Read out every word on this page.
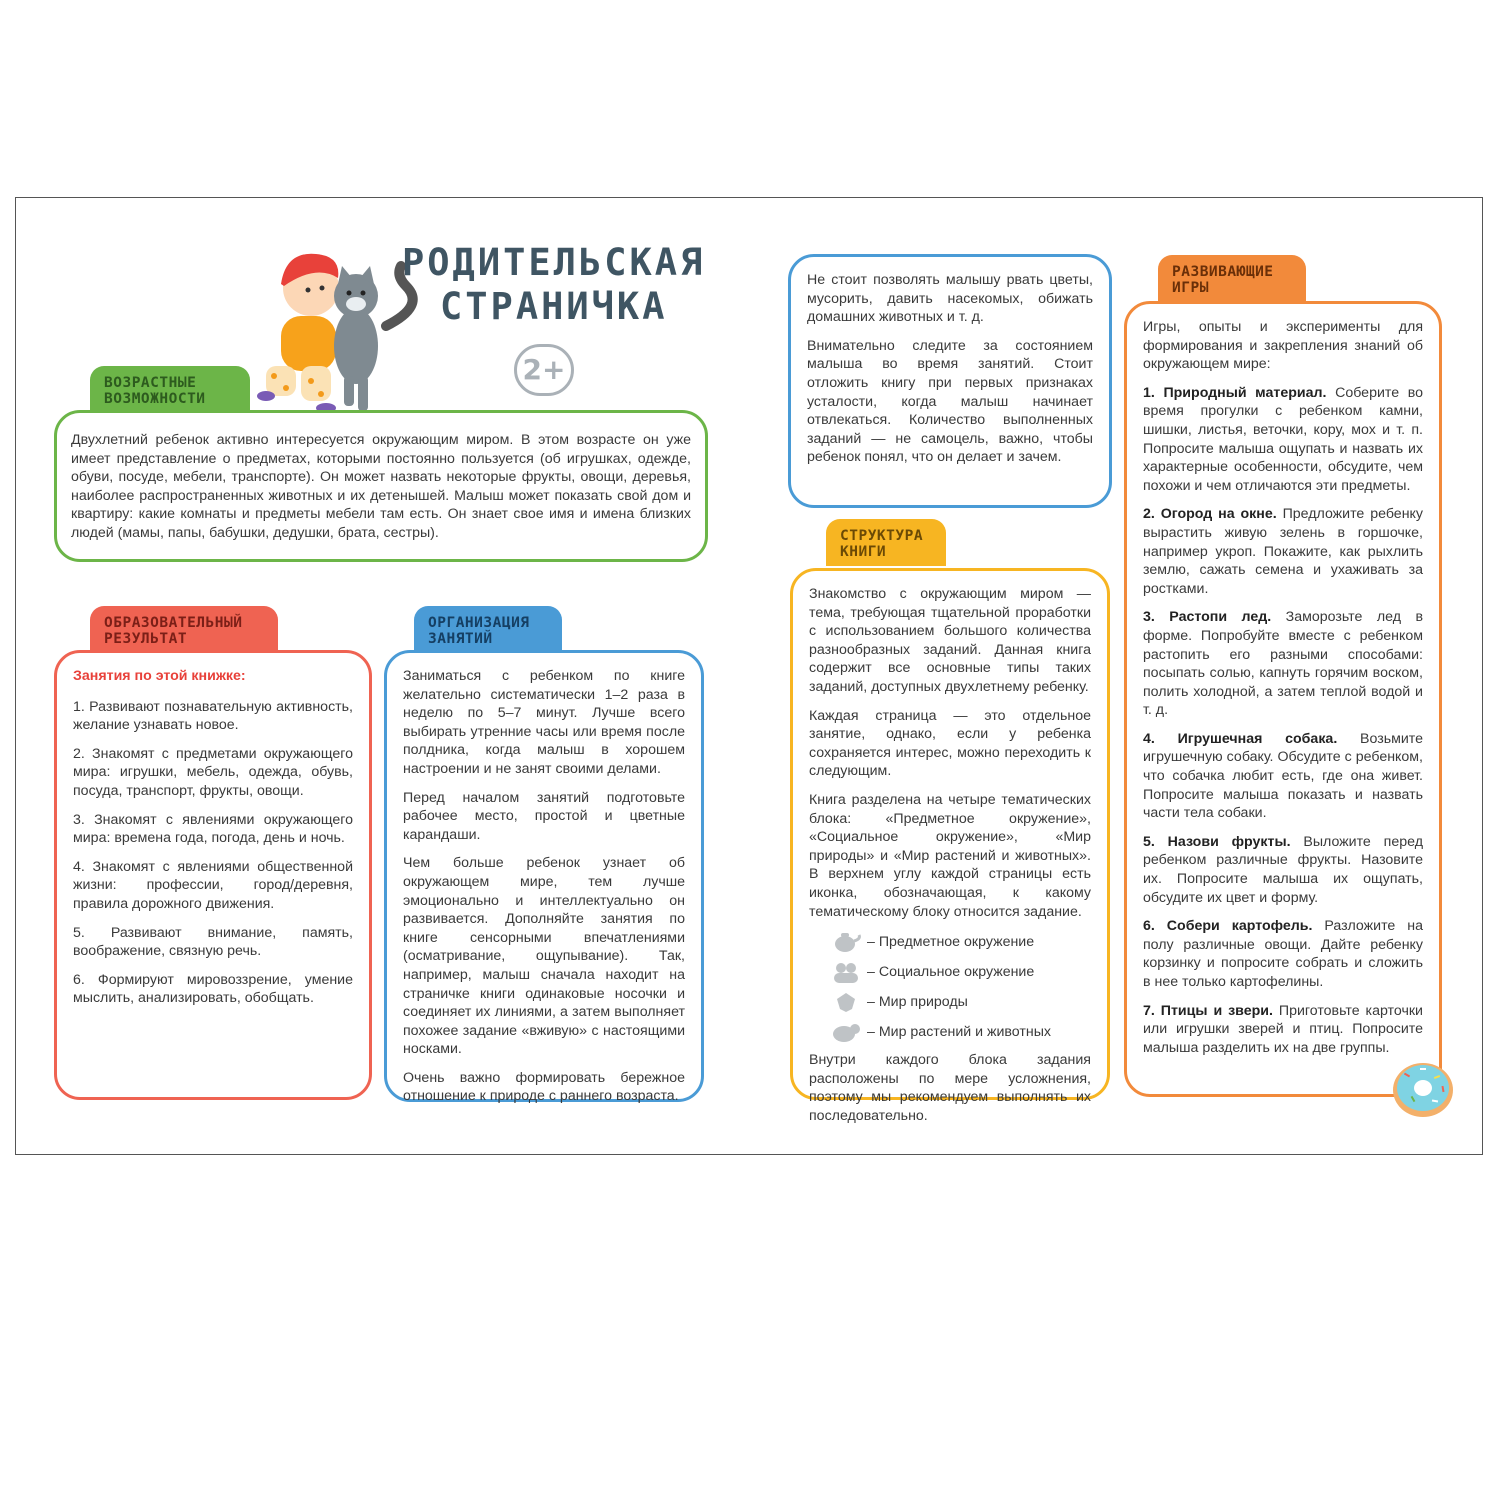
РОДИТЕЛЬСКАЯ
СТРАНИЧКА
2+
ВОЗРАСТНЫЕ ВОЗМОЖНОСТИ

Двухлетний ребенок активно интересуется окружающим миром. В этом возрасте он уже имеет представление о предметах, которыми постоянно пользуется (об игрушках, одежде, обуви, посуде, мебели, транспорте). Он может назвать некоторые фрукты, овощи, деревья, наиболее распространенных животных и их детенышей. Малыш может показать свой дом и квартиру: какие комнаты и предметы мебели там есть. Он знает свое имя и имена близких людей (мамы, папы, бабушки, дедушки, брата, сестры).

ОБРАЗОВАТЕЛЬНЫЙ РЕЗУЛЬТАТ

Занятия по этой книжке:

1. Развивают познавательную активность, желание узнавать новое.

2. Знакомят с предметами окружающего мира: игрушки, мебель, одежда, обувь, посуда, транспорт, фрукты, овощи.

3. Знакомят с явлениями окружающего мира: времена года, погода, день и ночь.

4. Знакомят с явлениями общественной жизни: профессии, город/деревня, правила дорожного движения.

5. Развивают внимание, память, воображение, связную речь.

6. Формируют мировоззрение, умение мыслить, анализировать, обобщать.

ОРГАНИЗАЦИЯ ЗАНЯТИЙ

Заниматься с ребенком по книге желательно систематически 1–2 раза в неделю по 5–7 минут. Лучше всего выбирать утренние часы или время после полдника, когда малыш в хорошем настроении и не занят своими делами.

Перед началом занятий подготовьте рабочее место, простой и цветные карандаши.

Чем больше ребенок узнает об окружающем мире, тем лучше эмоционально и интеллектуально он развивается. Дополняйте занятия по книге сенсорными впечатлениями (осматривание, ощупывание). Так, например, малыш сначала находит на страничке книги одинаковые носочки и соединяет их линиями, а затем выполняет похожее задание «вживую» с настоящими носками.

Очень важно формировать бережное отношение к природе с раннего возраста.

Не стоит позволять малышу рвать цветы, мусорить, давить насекомых, обижать домашних животных и т. д.

Внимательно следите за состоянием малыша во время занятий. Стоит отложить книгу при первых признаках усталости, когда малыш начинает отвлекаться. Количество выполненных заданий — не самоцель, важно, чтобы ребенок понял, что он делает и зачем.

СТРУКТУРА КНИГИ

Знакомство с окружающим миром — тема, требующая тщательной проработки с использованием большого количества разнообразных заданий. Данная книга содержит все основные типы таких заданий, доступных двухлетнему ребенку.

Каждая страница — это отдельное занятие, однако, если у ребенка сохраняется интерес, можно переходить к следующим.

Книга разделена на четыре тематических блока: «Предметное окружение», «Социальное окружение», «Мир природы» и «Мир растений и животных». В верхнем углу каждой страницы есть иконка, обозначающая, к какому тематическому блоку относится задание.

– Предметное окружение
– Социальное окружение
– Мир природы
– Мир растений и животных

Внутри каждого блока задания расположены по мере усложнения, поэтому мы рекомендуем выполнять их последовательно.

РАЗВИВАЮЩИЕ ИГРЫ

Игры, опыты и эксперименты для формирования и закрепления знаний об окружающем мире:

1. Природный материал. Соберите во время прогулки с ребенком камни, шишки, листья, веточки, кору, мох и т. п. Попросите малыша ощупать и назвать их характерные особенности, обсудите, чем похожи и чем отличаются эти предметы.

2. Огород на окне. Предложите ребенку вырастить живую зелень в горшочке, например укроп. Покажите, как рыхлить землю, сажать семена и ухаживать за ростками.

3. Растопи лед. Заморозьте лед в форме. Попробуйте вместе с ребенком растопить его разными способами: посыпать солью, капнуть горячим воском, полить холодной, а затем теплой водой и т. д.

4. Игрушечная собака. Возьмите игрушечную собаку. Обсудите с ребенком, что собачка любит есть, где она живет. Попросите малыша показать и назвать части тела собаки.

5. Назови фрукты. Выложите перед ребенком различные фрукты. Назовите их. Попросите малыша их ощупать, обсудите их цвет и форму.

6. Собери картофель. Разложите на полу различные овощи. Дайте ребенку корзинку и попросите собрать и сложить в нее только картофелины.

7. Птицы и звери. Приготовьте карточки или игрушки зверей и птиц. Попросите малыша разделить их на две группы.
